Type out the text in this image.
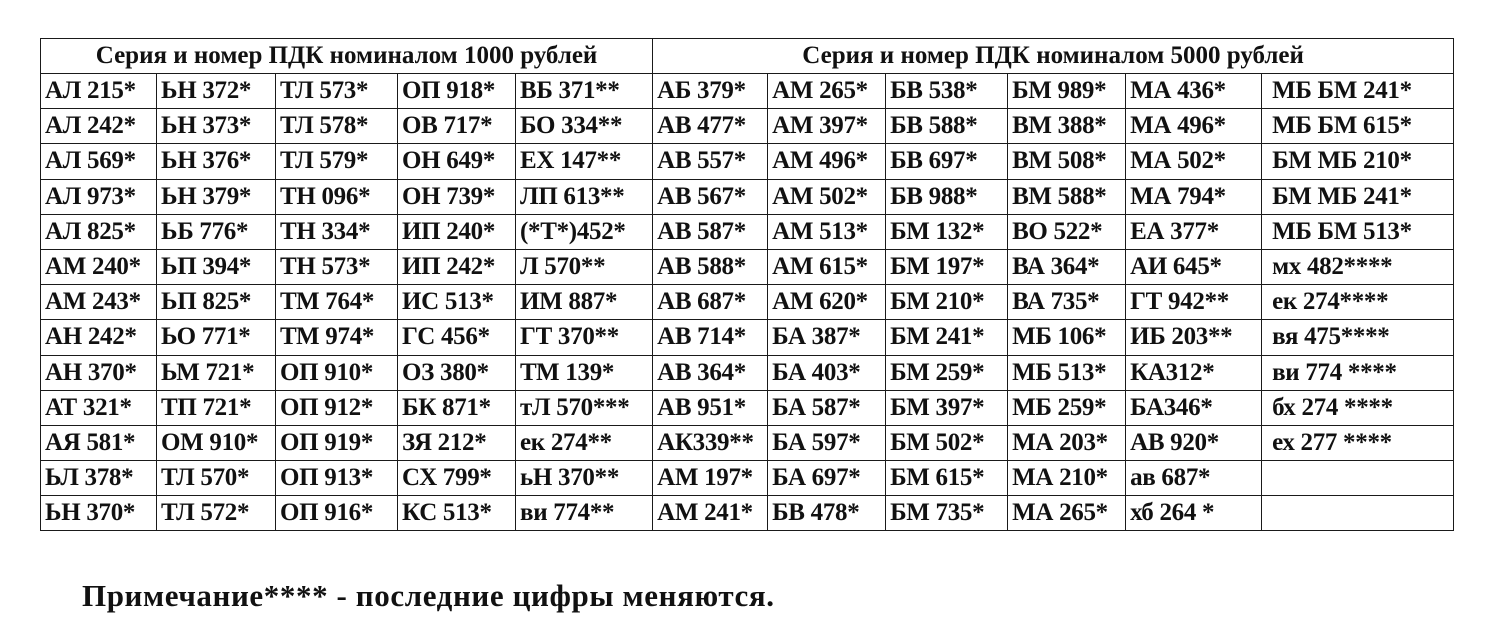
Серия и номер ПДК номиналом 1000 рублей					Серия и номер ПДК номиналом 5000 рублей					
АЛ 215*	ЬН 372*	ТЛ 573*	ОП 918*	ВБ 371**	АБ 379*	АМ 265*	БВ 538*	БМ 989*	МА 436*	МБ БМ 241*
АЛ 242*	ЬН 373*	ТЛ 578*	ОВ 717*	БО 334**	АВ 477*	АМ 397*	БВ 588*	ВМ 388*	МА 496*	МБ БМ 615*
АЛ 569*	ЬН 376*	ТЛ 579*	ОН 649*	ЕХ 147**	АВ 557*	АМ 496*	БВ 697*	ВМ 508*	МА 502*	БМ МБ 210*
АЛ 973*	ЬН 379*	ТН 096*	ОН 739*	ЛП 613**	АВ 567*	АМ 502*	БВ 988*	ВМ 588*	МА 794*	БМ МБ 241*
АЛ 825*	ЬБ 776*	ТН 334*	ИП 240*	(*Т*)452*	АВ 587*	АМ 513*	БМ 132*	ВО 522*	ЕА 377*	МБ БМ 513*
АМ 240*	ЬП 394*	ТН 573*	ИП 242*	Л 570**	АВ 588*	АМ 615*	БМ 197*	ВА 364*	АИ 645*	мх 482****
АМ 243*	ЬП 825*	ТМ 764*	ИС 513*	ИМ 887*	АВ 687*	АМ 620*	БМ 210*	ВА 735*	ГТ 942**	ек 274****
АН 242*	ЬО 771*	ТМ 974*	ГС 456*	ГТ 370**	АВ 714*	БА 387*	БМ 241*	МБ 106*	ИБ 203**	вя 475****
АН 370*	ЬМ 721*	ОП 910*	ОЗ 380*	ТМ 139*	АВ 364*	БА 403*	БМ 259*	МБ 513*	КА312*	ви 774 ****
АТ 321*	ТП 721*	ОП 912*	БК 871*	тЛ 570***	АВ 951*	БА 587*	БМ 397*	МБ 259*	БА346*	бх 274 ****
АЯ 581*	ОМ 910*	ОП 919*	ЗЯ 212*	ек 274**	АК339**	БА 597*	БМ 502*	МА 203*	АВ 920*	ех 277 ****
ЬЛ 378*	ТЛ 570*	ОП 913*	СХ 799*	ьН 370**	АМ 197*	БА 697*	БМ 615*	МА 210*	ав 687*	
ЬН 370*	ТЛ 572*	ОП 916*	КС 513*	ви 774**	АМ 241*	БВ 478*	БМ 735*	МА 265*	хб 264 *	
Примечание**** - последние цифры меняются.
